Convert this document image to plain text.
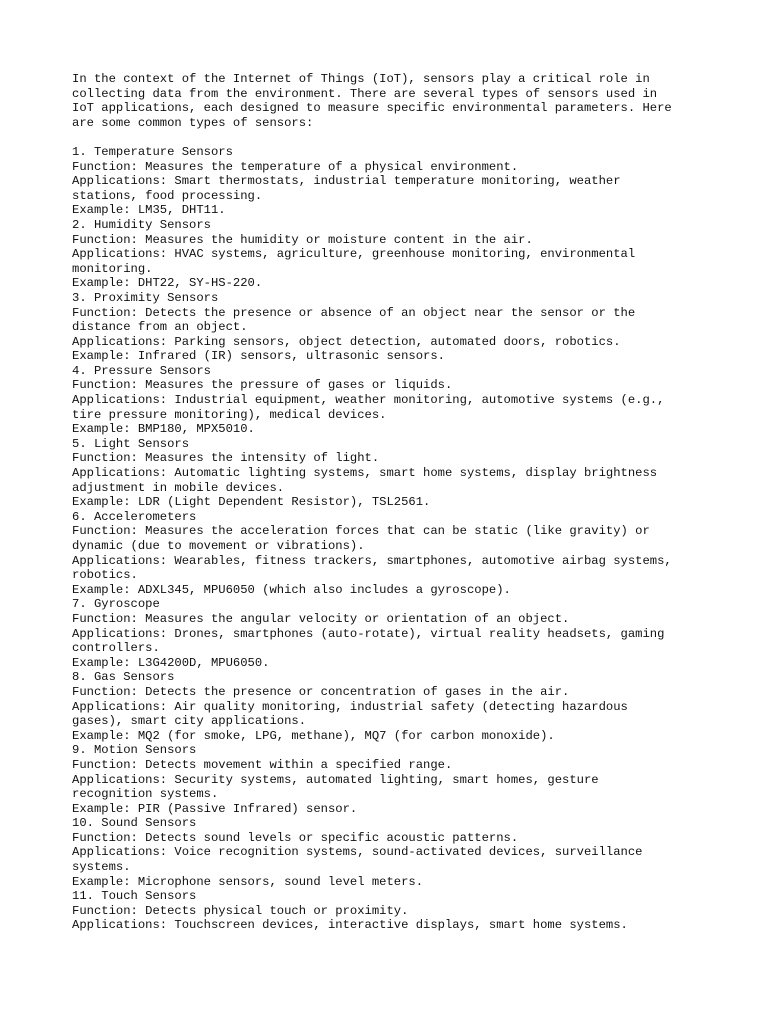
In the context of the Internet of Things (IoT), sensors play a critical role in

collecting data from the environment. There are several types of sensors used in

IoT applications, each designed to measure specific environmental parameters. Here

are some common types of sensors:

1. Temperature Sensors
Function: Measures the temperature of a physical environment.
Applications: Smart thermostats, industrial temperature monitoring, weather
stations, food processing.
Example: LM35, DHT11.
2. Humidity Sensors
Function: Measures the humidity or moisture content in the air.
Applications: HVAC systems, agriculture, greenhouse monitoring, environmental
monitoring.
Example: DHT22, SY-HS-220.
3. Proximity Sensors
Function: Detects the presence or absence of an object near the sensor or the
distance from an object.
Applications: Parking sensors, object detection, automated doors, robotics.
Example: Infrared (IR) sensors, ultrasonic sensors.
4. Pressure Sensors
Function: Measures the pressure of gases or liquids.
Applications: Industrial equipment, weather monitoring, automotive systems (e.g.,
tire pressure monitoring), medical devices.
Example: BMP180, MPX5010.
5. Light Sensors
Function: Measures the intensity of light.
Applications: Automatic lighting systems, smart home systems, display brightness
adjustment in mobile devices.
Example: LDR (Light Dependent Resistor), TSL2561.
6. Accelerometers
Function: Measures the acceleration forces that can be static (like gravity) or
dynamic (due to movement or vibrations).
Applications: Wearables, fitness trackers, smartphones, automotive airbag systems,
robotics.
Example: ADXL345, MPU6050 (which also includes a gyroscope).
7. Gyroscope
Function: Measures the angular velocity or orientation of an object.
Applications: Drones, smartphones (auto-rotate), virtual reality headsets, gaming
controllers.
Example: L3G4200D, MPU6050.
8. Gas Sensors
Function: Detects the presence or concentration of gases in the air.
Applications: Air quality monitoring, industrial safety (detecting hazardous
gases), smart city applications.
Example: MQ2 (for smoke, LPG, methane), MQ7 (for carbon monoxide).
9. Motion Sensors
Function: Detects movement within a specified range.
Applications: Security systems, automated lighting, smart homes, gesture
recognition systems.
Example: PIR (Passive Infrared) sensor.
10. Sound Sensors
Function: Detects sound levels or specific acoustic patterns.
Applications: Voice recognition systems, sound-activated devices, surveillance
systems.
Example: Microphone sensors, sound level meters.
11. Touch Sensors
Function: Detects physical touch or proximity.
Applications: Touchscreen devices, interactive displays, smart home systems.
